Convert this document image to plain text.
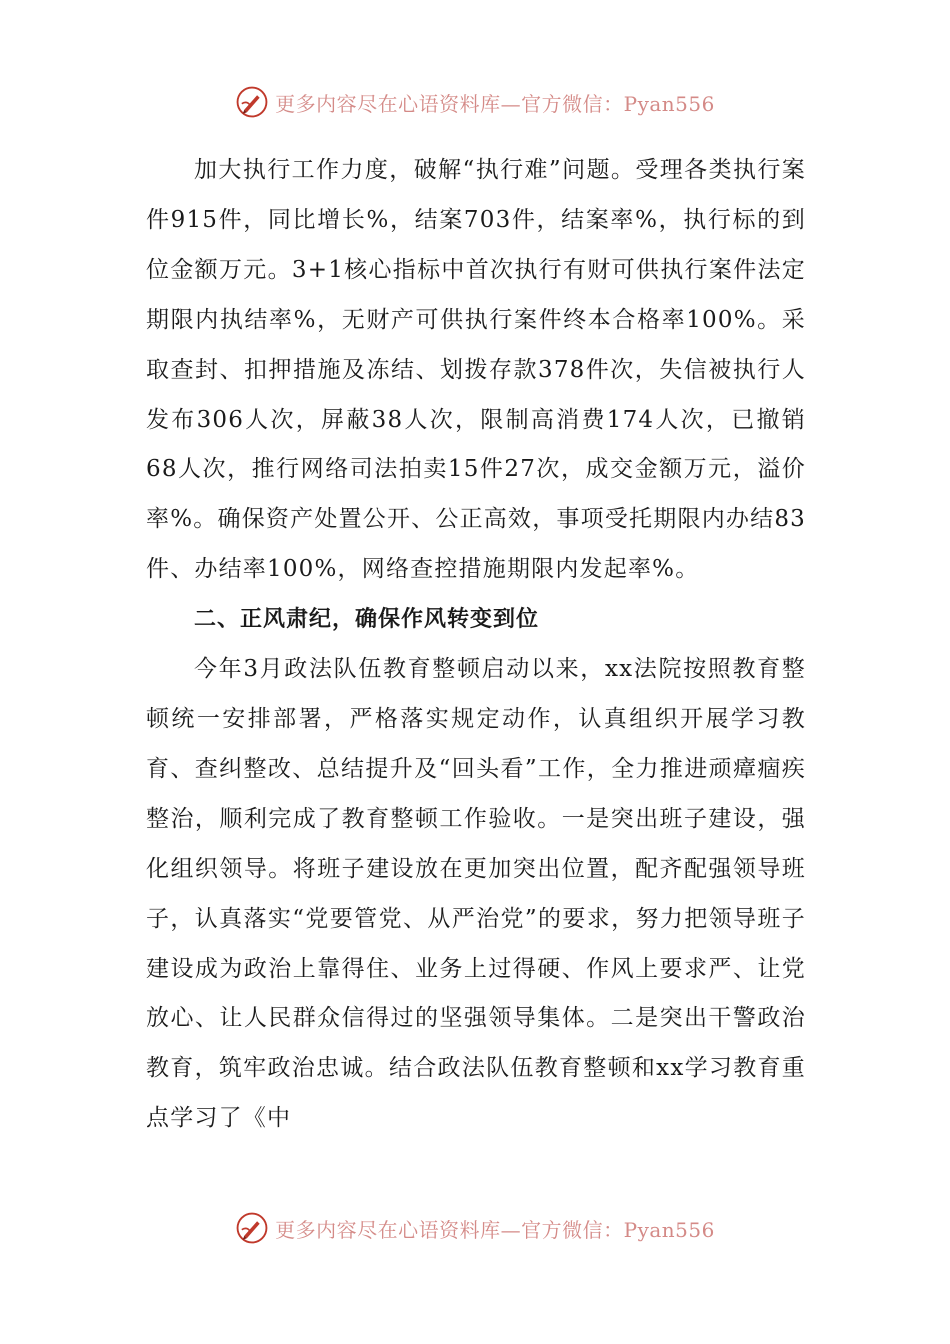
更多内容尽在心语资料库—官方微信：Pyan556

加大执行工作力度，破解“执行难”问题。受理各类执行案件915件，同比增长%，结案703件，结案率%，执行标的到位金额万元。3+1核心指标中首次执行有财可供执行案件法定期限内执结率%，无财产可供执行案件终本合格率100%。采取查封、扣押措施及冻结、划拨存款378件次，失信被执行人发布306人次，屏蔽38人次，限制高消费174人次，已撤销68人次，推行网络司法拍卖15件27次，成交金额万元，溢价率%。确保资产处置公开、公正高效，事项受托期限内办结83件、办结率100%，网络查控措施期限内发起率%。

二、正风肃纪，确保作风转变到位

今年3月政法队伍教育整顿启动以来，xx法院按照教育整顿统一安排部署，严格落实规定动作，认真组织开展学习教育、查纠整改、总结提升及“回头看”工作，全力推进顽瘴痼疾整治，顺利完成了教育整顿工作验收。一是突出班子建设，强化组织领导。将班子建设放在更加突出位置，配齐配强领导班子，认真落实“党要管党、从严治党”的要求，努力把领导班子建设成为政治上靠得住、业务上过得硬、作风上要求严、让党放心、让人民群众信得过的坚强领导集体。二是突出干警政治教育，筑牢政治忠诚。结合政法队伍教育整顿和xx学习教育重点学习了《中

更多内容尽在心语资料库—官方微信：Pyan556
